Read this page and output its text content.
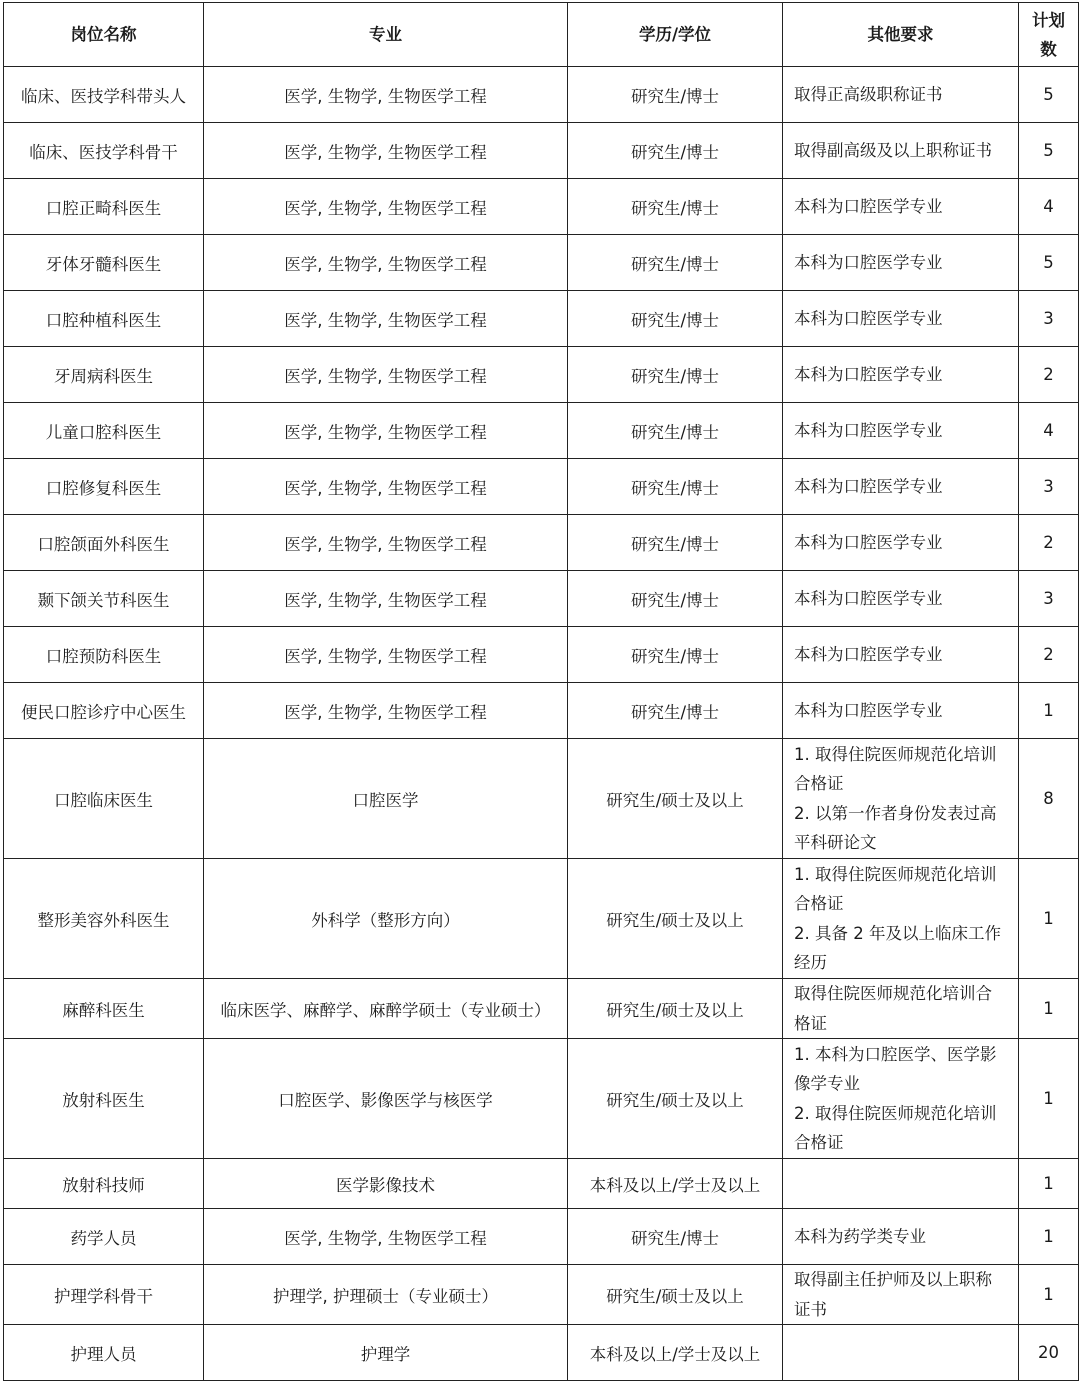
岗位名称	专业	学历/学位	其他要求	计划
数

临床、医技学科带头人	医学, 生物学, 生物医学工程	研究生/博士	取得正高级职称证书	5
临床、医技学科骨干	医学, 生物学, 生物医学工程	研究生/博士	取得副高级及以上职称证书	5
口腔正畸科医生	医学, 生物学, 生物医学工程	研究生/博士	本科为口腔医学专业	4
牙体牙髓科医生	医学, 生物学, 生物医学工程	研究生/博士	本科为口腔医学专业	5
口腔种植科医生	医学, 生物学, 生物医学工程	研究生/博士	本科为口腔医学专业	3
牙周病科医生	医学, 生物学, 生物医学工程	研究生/博士	本科为口腔医学专业	2
儿童口腔科医生	医学, 生物学, 生物医学工程	研究生/博士	本科为口腔医学专业	4
口腔修复科医生	医学, 生物学, 生物医学工程	研究生/博士	本科为口腔医学专业	3
口腔颌面外科医生	医学, 生物学, 生物医学工程	研究生/博士	本科为口腔医学专业	2
颞下颌关节科医生	医学, 生物学, 生物医学工程	研究生/博士	本科为口腔医学专业	3
口腔预防科医生	医学, 生物学, 生物医学工程	研究生/博士	本科为口腔医学专业	2
便民口腔诊疗中心医生	医学, 生物学, 生物医学工程	研究生/博士	本科为口腔医学专业	1
口腔临床医生	口腔医学	研究生/硕士及以上	1. 取得住院医师规范化培训
合格证
2. 以第一作者身份发表过高
平科研论文	8
整形美容外科医生	外科学（整形方向）	研究生/硕士及以上	1. 取得住院医师规范化培训
合格证
2. 具备 2 年及以上临床工作
经历	1
麻醉科医生	临床医学、麻醉学、麻醉学硕士（专业硕士）	研究生/硕士及以上	取得住院医师规范化培训合
格证	1
放射科医生	口腔医学、影像医学与核医学	研究生/硕士及以上	1. 本科为口腔医学、医学影
像学专业
2. 取得住院医师规范化培训
合格证	1
放射科技师	医学影像技术	本科及以上/学士及以上		1
药学人员	医学, 生物学, 生物医学工程	研究生/博士	本科为药学类专业	1
护理学科骨干	护理学, 护理硕士（专业硕士）	研究生/硕士及以上	取得副主任护师及以上职称
证书	1
护理人员	护理学	本科及以上/学士及以上		20
